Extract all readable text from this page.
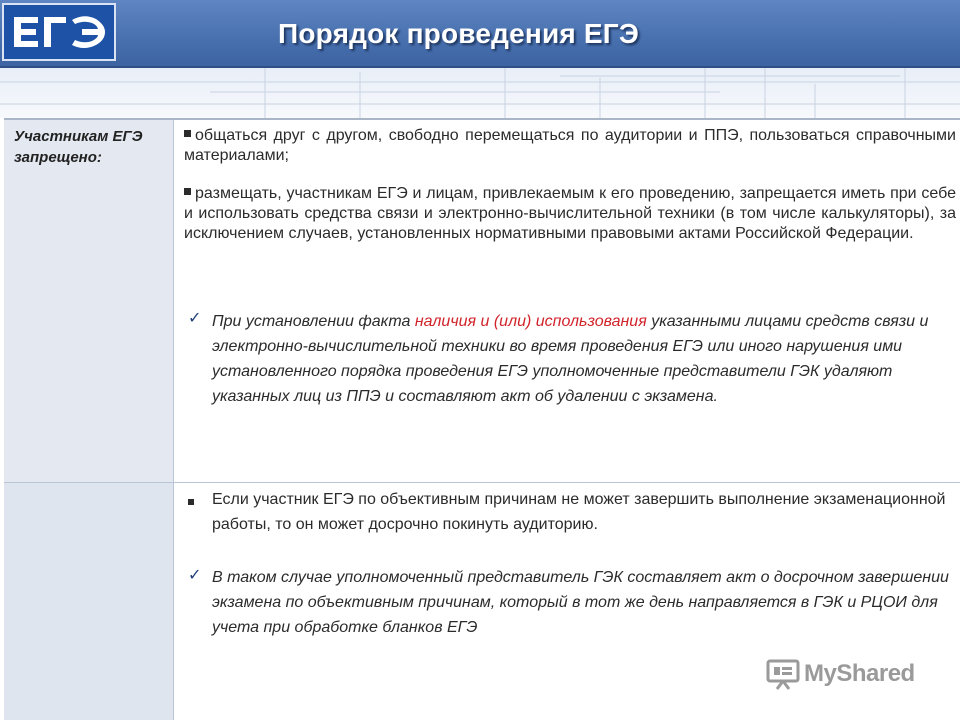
Порядок проведения ЕГЭ
Участникам ЕГЭ запрещено:
общаться друг с другом, свободно перемещаться по аудитории и ППЭ, пользоваться справочными материалами;
размещать, участникам ЕГЭ и лицам, привлекаемым к его проведению, запрещается иметь при себе и использовать средства связи и электронно-вычислительной техники (в том числе калькуляторы), за исключением случаев, установленных нормативными правовыми актами Российской Федерации.
✓ При установлении факта наличия и (или) использования указанными лицами средств связи и электронно-вычислительной техники во время проведения ЕГЭ или иного нарушения ими установленного порядка проведения ЕГЭ уполномоченные представители ГЭК удаляют указанных лиц из ППЭ и составляют акт об удалении с экзамена.
Если участник ЕГЭ по объективным причинам не может завершить выполнение экзаменационной работы, то он может досрочно покинуть аудиторию.
✓ В таком случае уполномоченный представитель ГЭК составляет акт о досрочном завершении экзамена по объективным причинам, который в тот же день направляется в ГЭК и РЦОИ для учета при обработке бланков ЕГЭ
MyShared
